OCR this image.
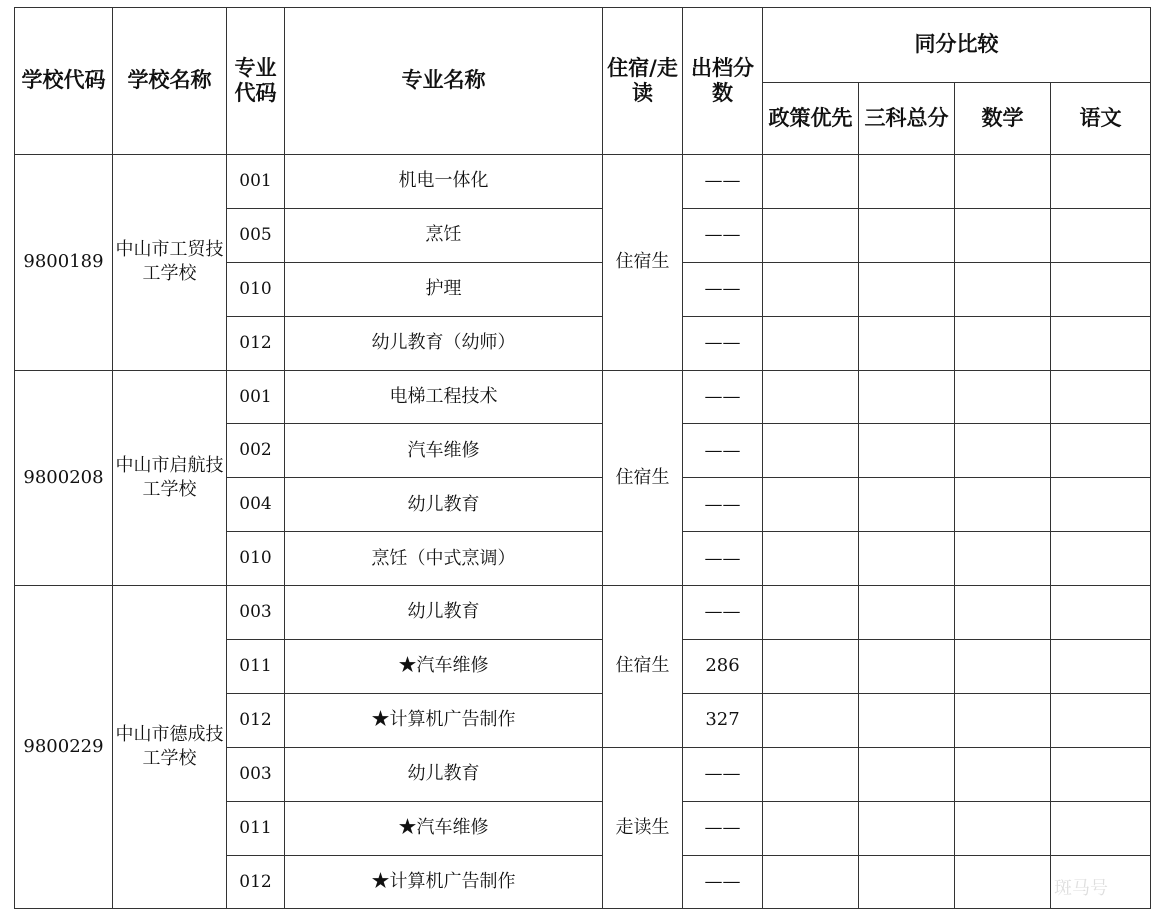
学校代码	学校名称	专业代码	专业名称	住宿/走读	出档分数	同分比较			
						政策优先	三科总分	数学	语文
9800189	中山市工贸技工学校	001	机电一体化	住宿生	——				
		005	烹饪		——				
		010	护理		——				
		012	幼儿教育（幼师）		——				
9800208	中山市启航技工学校	001	电梯工程技术	住宿生	——				
		002	汽车维修		——				
		004	幼儿教育		——				
		010	烹饪（中式烹调）		——				
9800229	中山市德成技工学校	003	幼儿教育	住宿生	——				
		011	★汽车维修		286				
		012	★计算机广告制作		327				
		003	幼儿教育	走读生	——				
		011	★汽车维修		——				
		012	★计算机广告制作		——					斑马号
